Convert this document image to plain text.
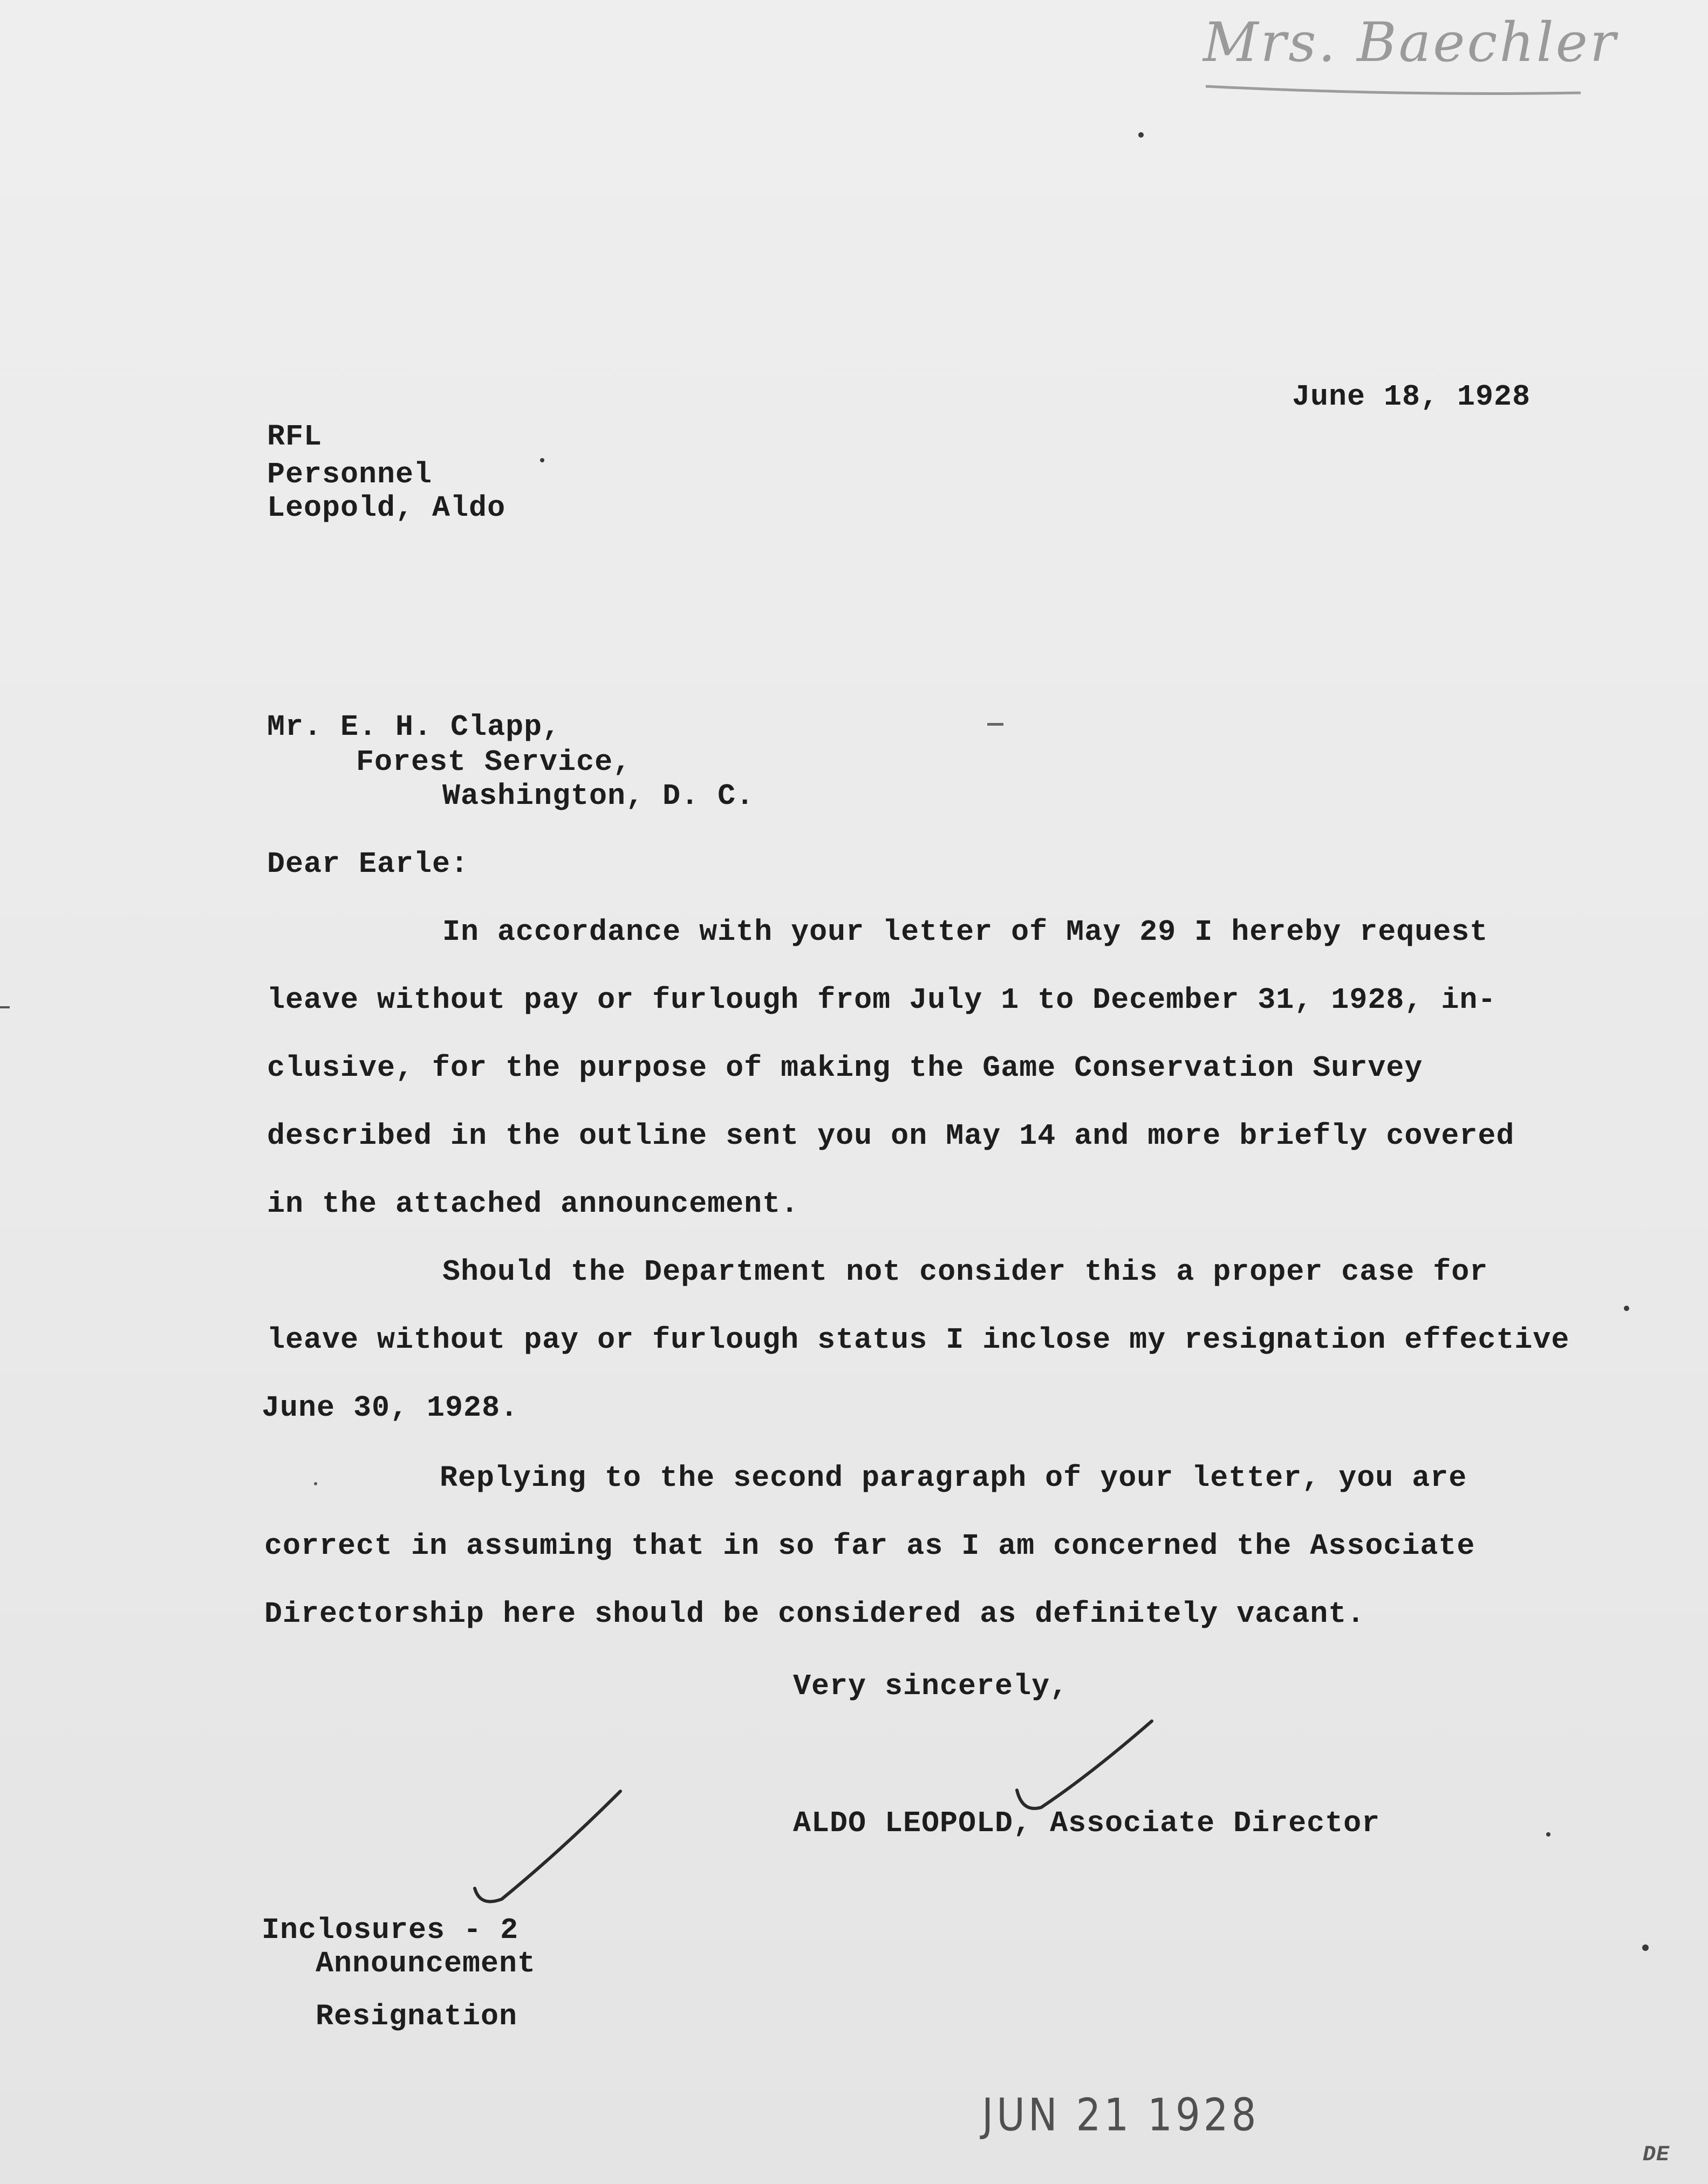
Mrs. Baechler
June 18, 1928
RFL
Personnel
Leopold, Aldo
Mr. E. H. Clapp,
Forest Service,
Washington, D. C.
Dear Earle:
In accordance with your letter of May 29 I hereby request
leave without pay or furlough from July 1 to December 31, 1928, in-
clusive, for the purpose of making the Game Conservation Survey
described in the outline sent you on May 14 and more briefly covered
in the attached announcement.
Should the Department not consider this a proper case for
leave without pay or furlough status I inclose my resignation effective
June 30, 1928.
Replying to the second paragraph of your letter, you are
correct in assuming that in so far as I am concerned the Associate
Directorship here should be considered as definitely vacant.
Very sincerely,
ALDO LEOPOLD, Associate Director
Inclosures - 2
Announcement
Resignation
JUN 21 1928
DE
